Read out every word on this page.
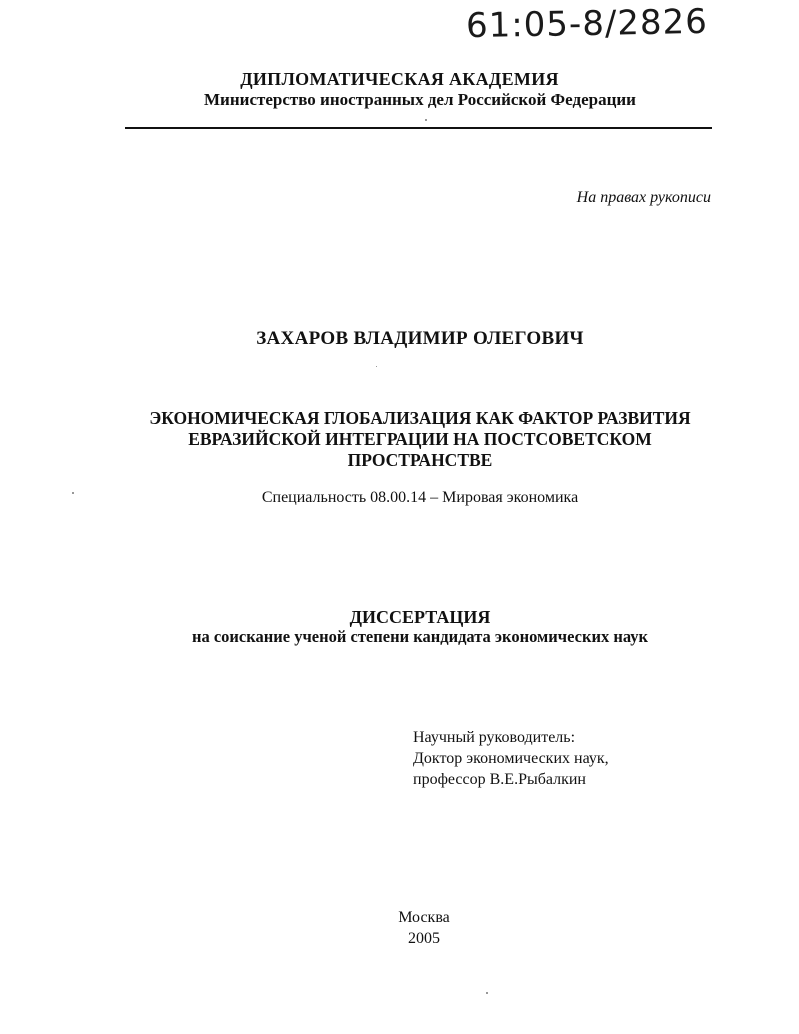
61:05-8/2826
ДИПЛОМАТИЧЕСКАЯ АКАДЕМИЯ
Министерство иностранных дел Российской Федерации
На правах рукописи
ЗАХАРОВ ВЛАДИМИР ОЛЕГОВИЧ
ЭКОНОМИЧЕСКАЯ ГЛОБАЛИЗАЦИЯ КАК ФАКТОР РАЗВИТИЯ
ЕВРАЗИЙСКОЙ ИНТЕГРАЦИИ НА ПОСТСОВЕТСКОМ
ПРОСТРАНСТВЕ
Специальность 08.00.14 – Мировая экономика
ДИССЕРТАЦИЯ
на соискание ученой степени кандидата экономических наук
Научный руководитель:
Доктор экономических наук,
профессор В.Е.Рыбалкин
Москва
2005
